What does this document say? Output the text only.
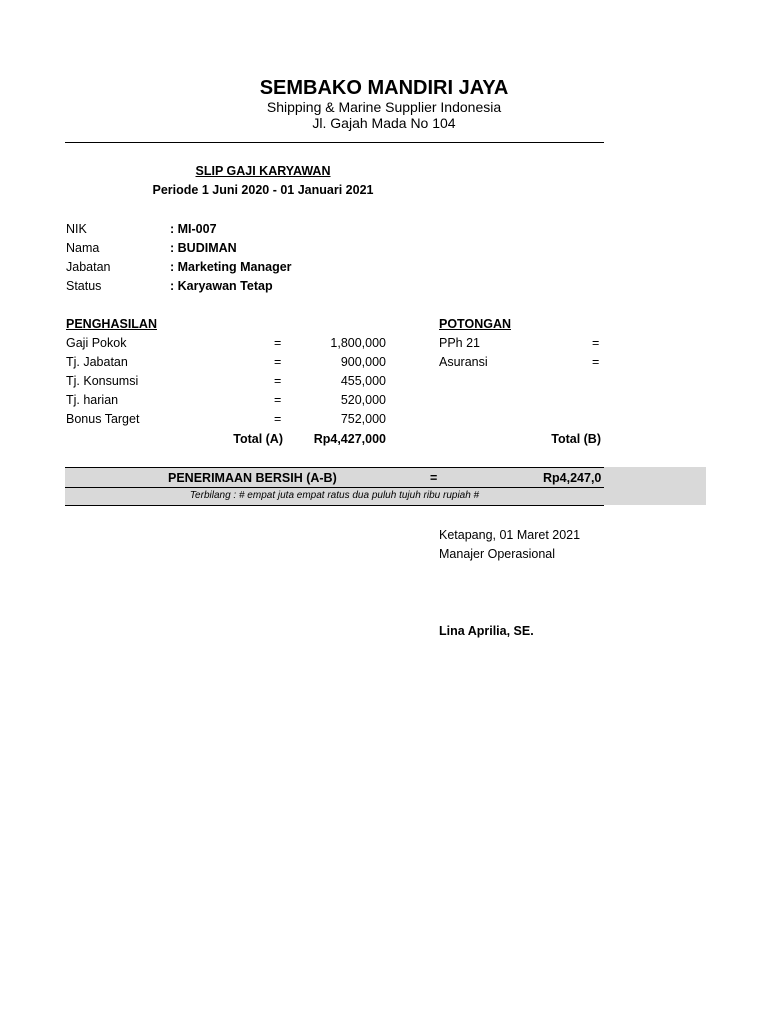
SEMBAKO MANDIRI JAYA
Shipping & Marine Supplier Indonesia
Jl. Gajah Mada No 104
SLIP GAJI KARYAWAN
Periode 1 Juni 2020 - 01 Januari 2021
NIK	: MI-007
Nama	: BUDIMAN
Jabatan	: Marketing Manager
Status	: Karyawan Tetap
PENGHASILAN
Gaji Pokok	=	1,800,000
Tj. Jabatan	=	900,000
Tj. Konsumsi	=	455,000
Tj. harian	=	520,000
Bonus Target	=	752,000
Total (A)	Rp4,427,000
POTONGAN
PPh 21	=
Asuransi	=
Total (B)
PENERIMAAN BERSIH (A-B)	=	Rp4,247,0
Terbilang : # empat juta empat ratus dua puluh tujuh ribu rupiah #
Ketapang, 01 Maret 2021
Manajer Operasional
Lina Aprilia, SE.
